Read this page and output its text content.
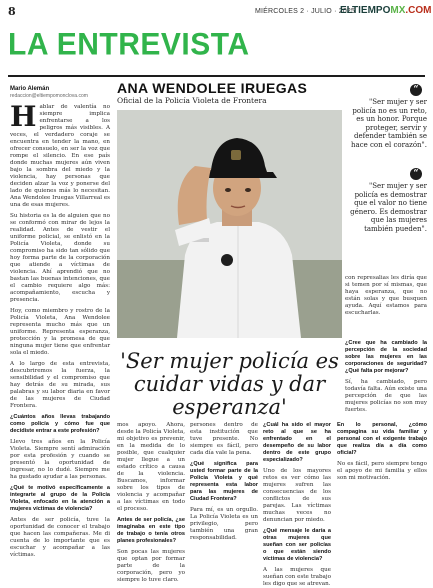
8	MIÉRCOLES 2 · JULIO · 2025
ELTIEMPOMX.COM
LA ENTREVISTA
Mario Alemán
redaccion@eltiempomonclova.com ANA WENDOLEE IRUEGAS
Oficial de la Policía Violeta de Frontera
“
"Ser mujer y ser policía no es un reto, es un honor. Porque proteger, servir y defender también se hace con el corazón".
“
"Ser mujer y ser policía es demostrar que el valor no tiene género. Es demostrar que las mujeres también pueden".

Hablar de valentía no siempre implica enfrentarse a los peligros más visibles. A veces, el verdadero coraje se encuentra en tender la mano, en ofrecer consuelo, en ser la voz que rompe el silencio. En ese país donde muchas mujeres aún viven bajo la sombra del miedo y la violencia, hay personas que deciden alzar la voz y ponerse del lado de quienes más lo necesitan. Ana Wendolee Iruegas Villarreal es una de esas mujeres.

Su historia es la de alguien que no se conformó con mirar de lejos la realidad. Antes de vestir el uniforme policial, se enlistó en la Policía Violeta, donde su compromiso ha sido tan sólido que hoy forma parte de la corporación que atiende a víctimas de violencia. Ahí aprendió que no bastan las buenas intenciones, que el cambio requiere algo más: acompañamiento, escucha y presencia.

Hoy, como miembro y rostro de la Policía Violeta, Ana Wendolee representa mucho más que un uniforme. Representa esperanza, protección y la promesa de que ninguna mujer tiene que enfrentar sola el miedo.

A lo largo de esta entrevista, descubriremos la fuerza, la sensibilidad y el compromiso que hay detrás de su mirada, sus palabras y su labor diaria en favor de las mujeres de Ciudad Frontera.

¿Cuántos años llevas trabajando como policía y cómo fue que decidiste entrar a este profesión?

Llevo tres años en la Policía Violeta. Siempre sentí admiración por esta profesión y cuando se presentó la oportunidad de ingresar, no lo dudé. Siempre me ha gustado ayudar a las personas.

¿Qué te motivó específicamente a integrarte al grupo de la Policía Violeta, enfocado en la atención a mujeres víctimas de violencia?

Antes de ser policía, tuve la oportunidad de conocer el trabajo que hacen las compañeras. Me di cuenta de lo importante que es escuchar y acompañar a las víctimas.

con represalias les diría que si temen por sí mismas, que haya esperanza, que no están solas y que busquen ayuda. Aquí estamos para escucharlas.

¿Cree que ha cambiado la percepción de la sociedad sobre las mujeres en las corporaciones de seguridad? ¿Qué falta por mejorar?

Sí, ha cambiado, pero todavía falta. Aún existe una percepción de que las mujeres policías no son muy fuertes.

'Ser mujer policía es cuidar vidas y dar esperanza'

mos apoyo. Ahora, desde la Policía Violeta, mi objetivo es prevenir, en la medida de lo posible, que cualquier mujer llegue a un estado crítico a causa de la violencia. Buscamos, informar sobre los tipos de violencia y acompañar a las víctimas en todo el proceso.

Antes de ser policía, ¿se imaginaba en este tipo de trabajo o tenía otros planes profesionales?

Son pocas las mujeres que optan por formar parte de la corporación, pero yo siempre lo tuve claro.

persones dentro de esta institución que tuve presente. No siempre es fácil, pero cada día vale la pena.

¿Qué significa para usted formar parte de la Policía Violeta y qué representa esta labor para las mujeres de Ciudad Frontera?

Para mí, es un orgullo. La Policía Violeta es un privilegio, pero también una gran responsabilidad.

¿Cuál ha sido el mayor reto al que se ha enfrentado en el desempeño de su labor dentro de este grupo especializado?

Uno de los mayores retos es ver cómo las mujeres sufren las consecuencias de los conflictos de sus parejas. Las víctimas muchas veces no denuncian por miedo.

¿Qué mensaje le daría a otras mujeres que sueñan con ser policías o que están siendo víctimas de violencia?

A las mujeres que sueñan con este trabajo les digo que se atrevan.

En lo personal, ¿cómo compagina su vida familiar y personal con el exigente trabajo que realiza día a día como oficial?

No es fácil, pero siempre tengo el apoyo de mi familia y ellos son mi motivación.
